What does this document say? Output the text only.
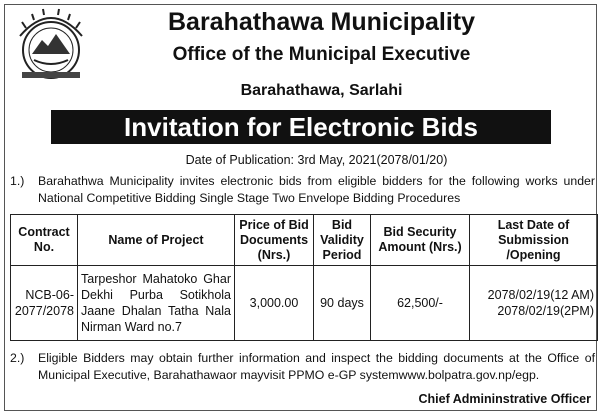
Barahathawa Municipality
Office of the Municipal Executive
Barahathawa, Sarlahi
Invitation for Electronic Bids
Date of Publication: 3rd May, 2021(2078/01/20)
1.)	Barahathwa Municipality invites electronic bids from eligible bidders for the following works under National Competitive Bidding Single Stage Two Envelope Bidding Procedures
Contract No.	Name of Project	Price of Bid Documents (Nrs.)	Bid Validity Period	Bid Security Amount (Nrs.)	Last Date of Submission /Opening
NCB-06-2077/2078	Tarpeshor Mahatoko Ghar Dekhi Purba Sotikhola Jaane Dhalan Tatha Nala Nirman Ward no.7	3,000.00	90 days	62,500/-	2078/02/19(12 AM)
2078/02/19(2PM)
2.)	Eligible Bidders may obtain further information and inspect the bidding documents at the Office of Municipal Executive, Barahathawaor mayvisit PPMO e-GP systemwww.bolpatra.gov.np/egp.
Chief Admininstrative Officer
